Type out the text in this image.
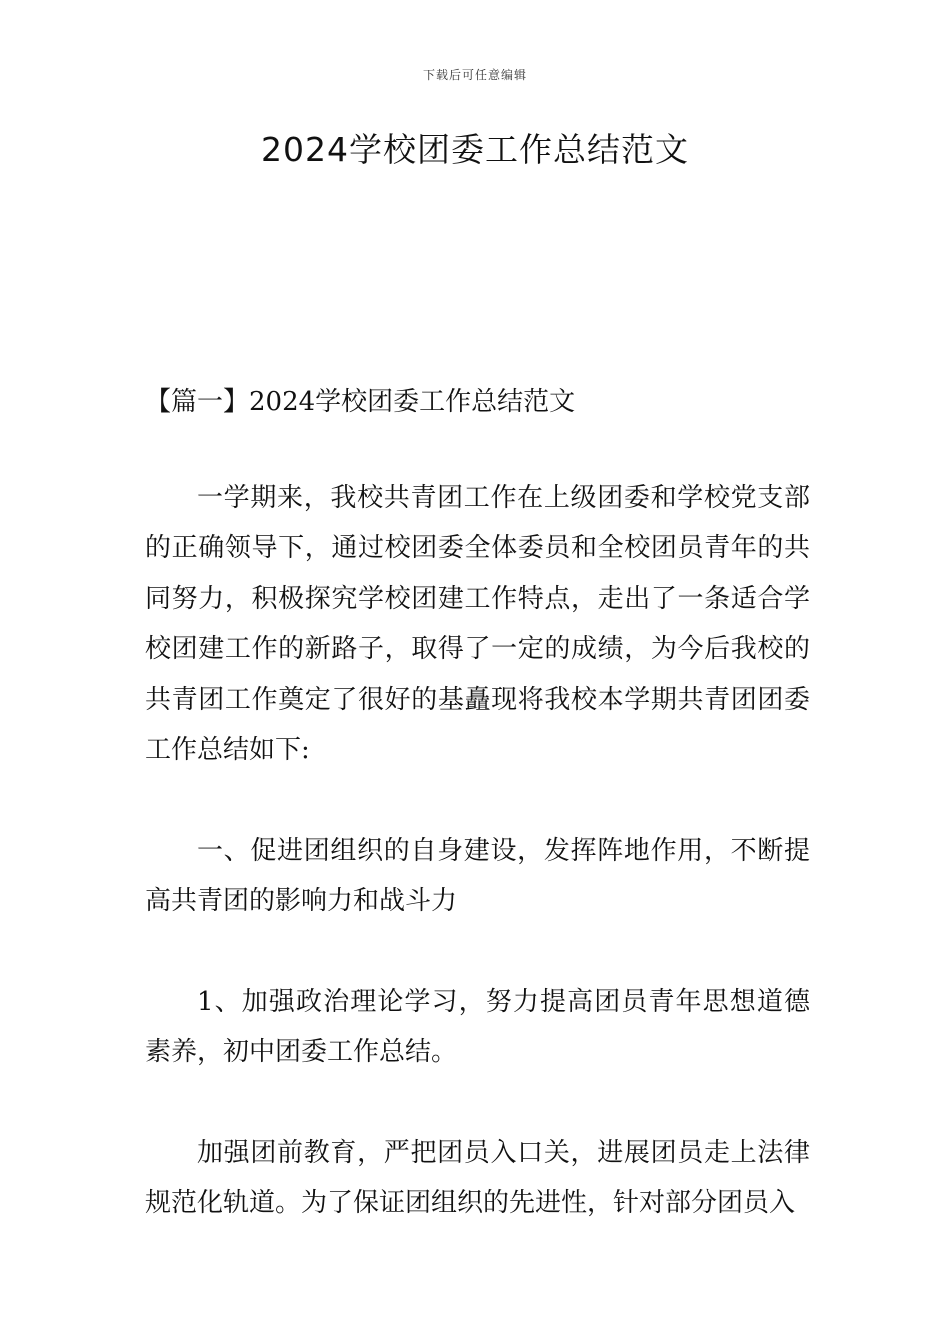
下载后可任意编辑
2024学校团委工作总结范文

【篇一】2024学校团委工作总结范文

一学期来，我校共青团工作在上级团委和学校党支部的正确领导下，通过校团委全体委员和全校团员青年的共同努力，积极探究学校团建工作特点，走出了一条适合学校团建工作的新路子，取得了一定的成绩，为今后我校的共青团工作奠定了很好的基矗现将我校本学期共青团团委工作总结如下:

一、促进团组织的自身建设，发挥阵地作用，不断提高共青团的影响力和战斗力

1、加强政治理论学习，努力提高团员青年思想道德素养，初中团委工作总结。

加强团前教育，严把团员入口关，进展团员走上法律规范化轨道。为了保证团组织的先进性，针对部分团员入
